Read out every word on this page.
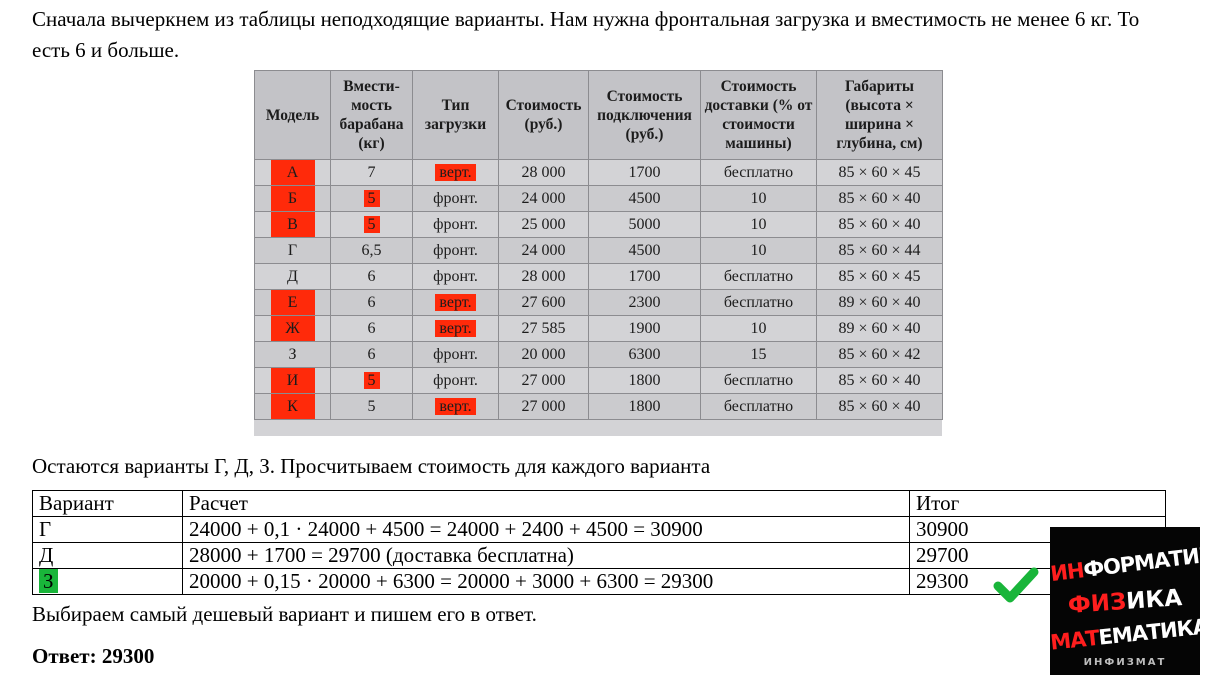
Сначала вычеркнем из таблицы неподходящие варианты. Нам нужна фронтальная загрузка и вместимость не менее 6 кг. То есть 6 и больше.
Модель	Вмести-мость барабана (кг)	Тип загрузки	Стоимость (руб.)	Стоимость подключения (руб.)	Стоимость доставки (% от стоимости машины)	Габариты (высота × ширина × глубина, см)
А	7	верт.	28 000	1700	бесплатно	85 × 60 × 45
Б	5	фронт.	24 000	4500	10	85 × 60 × 40
В	5	фронт.	25 000	5000	10	85 × 60 × 40
Г	6,5	фронт.	24 000	4500	10	85 × 60 × 44
Д	6	фронт.	28 000	1700	бесплатно	85 × 60 × 45
Е	6	верт.	27 600	2300	бесплатно	89 × 60 × 40
Ж	6	верт.	27 585	1900	10	89 × 60 × 40
З	6	фронт.	20 000	6300	15	85 × 60 × 42
И	5	фронт.	27 000	1800	бесплатно	85 × 60 × 40
К	5	верт.	27 000	1800	бесплатно	85 × 60 × 40
Остаются варианты Г, Д, З. Просчитываем стоимость для каждого варианта
Вариант	Расчет	Итог
Г	24000 + 0,1 · 24000 + 4500 = 24000 + 2400 + 4500 = 30900	30900
Д	28000 + 1700 = 29700 (доставка бесплатна)	29700
З	20000 + 0,15 · 20000 + 6300 = 20000 + 3000 + 6300 = 29300	29300
Выбираем самый дешевый вариант и пишем его в ответ.
Ответ: 29300
ИНФОРМАТИКА
ФИЗИКА
МАТЕМАТИКА
ИНФИЗМАТ
